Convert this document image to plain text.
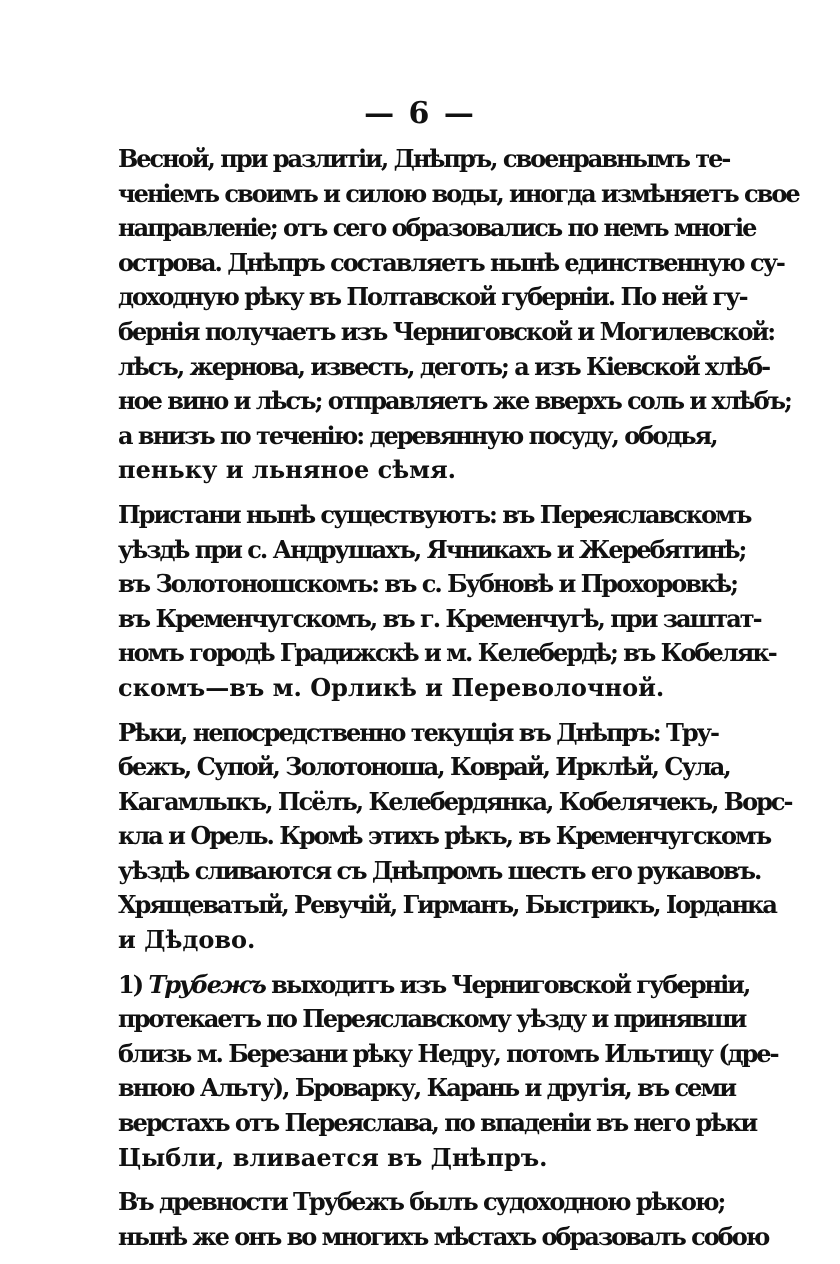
— 6 —
Весной, при разлитіи, Днѣпръ, своенравнымъ те-
ченіемъ своимъ и силою воды, иногда измѣняетъ свое
направленіе; отъ сего образовались по немъ многіе
острова. Днѣпръ составляетъ нынѣ единственную су-
доходную рѣку въ Полтавской губерніи. По ней гу-
бернія получаетъ изъ Черниговской и Могилевской:
лѣсъ, жернова, известь, деготь; а изъ Кіевской хлѣб-
ное вино и лѣсъ; отправляетъ же вверхъ соль и хлѣбъ;
а внизъ по теченію: деревянную посуду, ободья,
пеньку и льняное сѣмя.
Пристани нынѣ существуютъ: въ Переяславскомъ
уѣздѣ при с. Андрушахъ, Ячникахъ и Жеребятинѣ;
въ Золотоношскомъ: въ с. Бубновѣ и Прохоровкѣ;
въ Кременчугскомъ, въ г. Кременчугѣ, при заштат-
номъ городѣ Градижскѣ и м. Келебердѣ; въ Кобеляк-
скомъ—въ м. Орликѣ и Переволочной.
Рѣки, непосредственно текущія въ Днѣпръ: Тру-
бежъ, Супой, Золотоноша, Коврай, Ирклѣй, Сула,
Кагамлыкъ, Псёлъ, Келебердянка, Кобелячекъ, Ворс-
кла и Орель. Кромѣ этихъ рѣкъ, въ Кременчугскомъ
уѣздѣ сливаются съ Днѣпромъ шесть его рукавовъ.
Хрящеватый, Ревучій, Гирманъ, Быстрикъ, Іорданка
и Дѣдово.
1) Трубежъ выходитъ изъ Черниговской губерніи,
протекаетъ по Переяславскому уѣзду и принявши
близь м. Березани рѣку Недру, потомъ Ильтицу (дре-
внюю Альту), Броварку, Карань и другія, въ семи
верстахъ отъ Переяслава, по впаденіи въ него рѣки
Цыбли, вливается въ Днѣпръ.
Въ древности Трубежъ былъ судоходною рѣкою;
нынѣ же онъ во многихъ мѣстахъ образовалъ собою
